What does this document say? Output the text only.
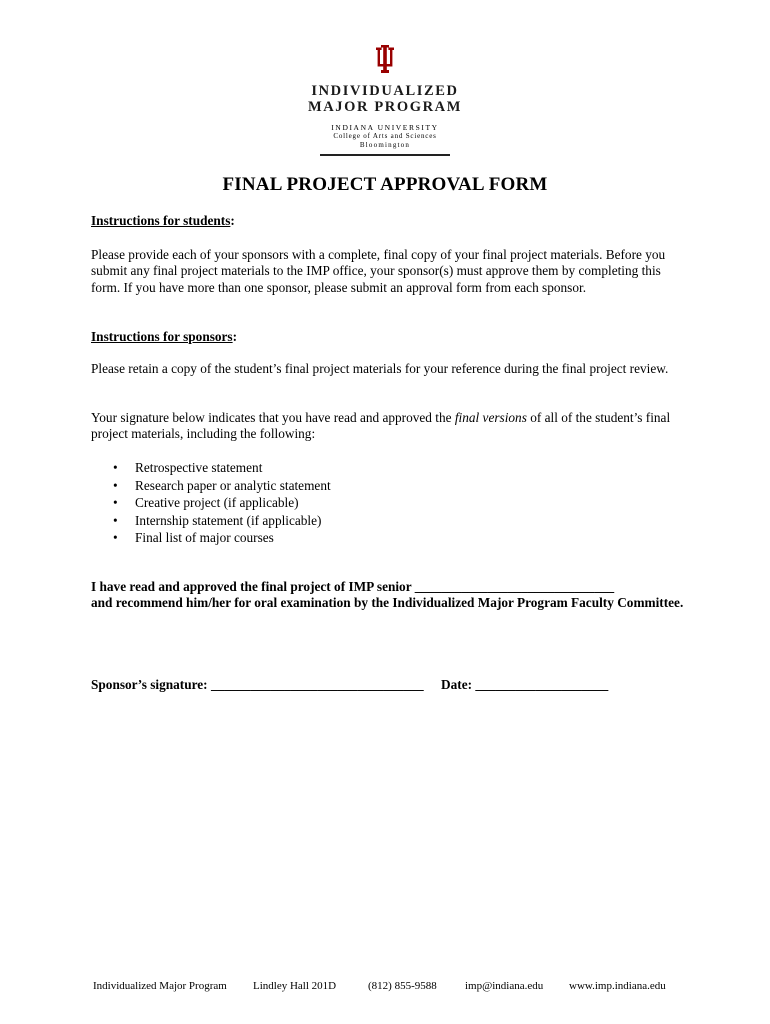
INDIVIDUALIZED
MAJOR PROGRAM
INDIANA UNIVERSITY
College of Arts and Sciences
Bloomington
FINAL PROJECT APPROVAL FORM
Instructions for students:
Please provide each of your sponsors with a complete, final copy of your final project materials. Before you submit any final project materials to the IMP office, your sponsor(s) must approve them by completing this form. If you have more than one sponsor, please submit an approval form from each sponsor.
Instructions for sponsors:
Please retain a copy of the student’s final project materials for your reference during the final project review.
Your signature below indicates that you have read and approved the final versions of all of the student’s final project materials, including the following:
•	Retrospective statement
•	Research paper or analytic statement
•	Creative project (if applicable)
•	Internship statement (if applicable)
•	Final list of major courses
I have read and approved the final project of IMP senior ______________________________
and recommend him/her for oral examination by the Individualized Major Program Faculty Committee.
Sponsor’s signature: ________________________________ Date: ____________________
Individualized Major Program Lindley Hall 201D	(812) 855-9588	imp@indiana.edu www.imp.indiana.edu
